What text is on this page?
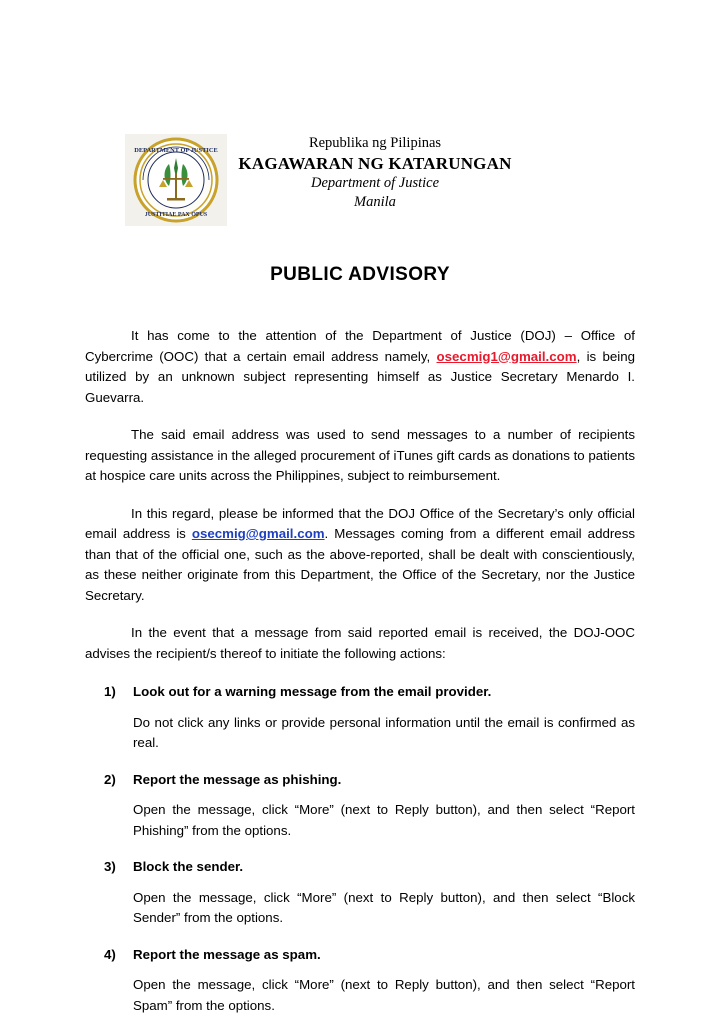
DEPARTMENT OF JUSTICE
JUSTITIAE PAX OPUS
Republika ng Pilipinas
KAGAWARAN NG KATARUNGAN
Department of Justice
Manila
PUBLIC ADVISORY

It has come to the attention of the Department of Justice (DOJ) – Office of Cybercrime (OOC) that a certain email address namely, osecmig1@gmail.com, is being utilized by an unknown subject representing himself as Justice Secretary Menardo I. Guevarra.

The said email address was used to send messages to a number of recipients requesting assistance in the alleged procurement of iTunes gift cards as donations to patients at hospice care units across the Philippines, subject to reimbursement.

In this regard, please be informed that the DOJ Office of the Secretary’s only official email address is osecmig@gmail.com. Messages coming from a different email address than that of the official one, such as the above-reported, shall be dealt with conscientiously, as these neither originate from this Department, the Office of the Secretary, nor the Justice Secretary.

In the event that a message from said reported email is received, the DOJ-OOC advises the recipient/s thereof to initiate the following actions:

1) Look out for a warning message from the email provider.

Do not click any links or provide personal information until the email is confirmed as real.

2) Report the message as phishing.

Open the message, click “More” (next to Reply button), and then select “Report Phishing” from the options.

3) Block the sender.

Open the message, click “More” (next to Reply button), and then select “Block Sender” from the options.

4) Report the message as spam.

Open the message, click “More” (next to Reply button), and then select “Report Spam” from the options.
